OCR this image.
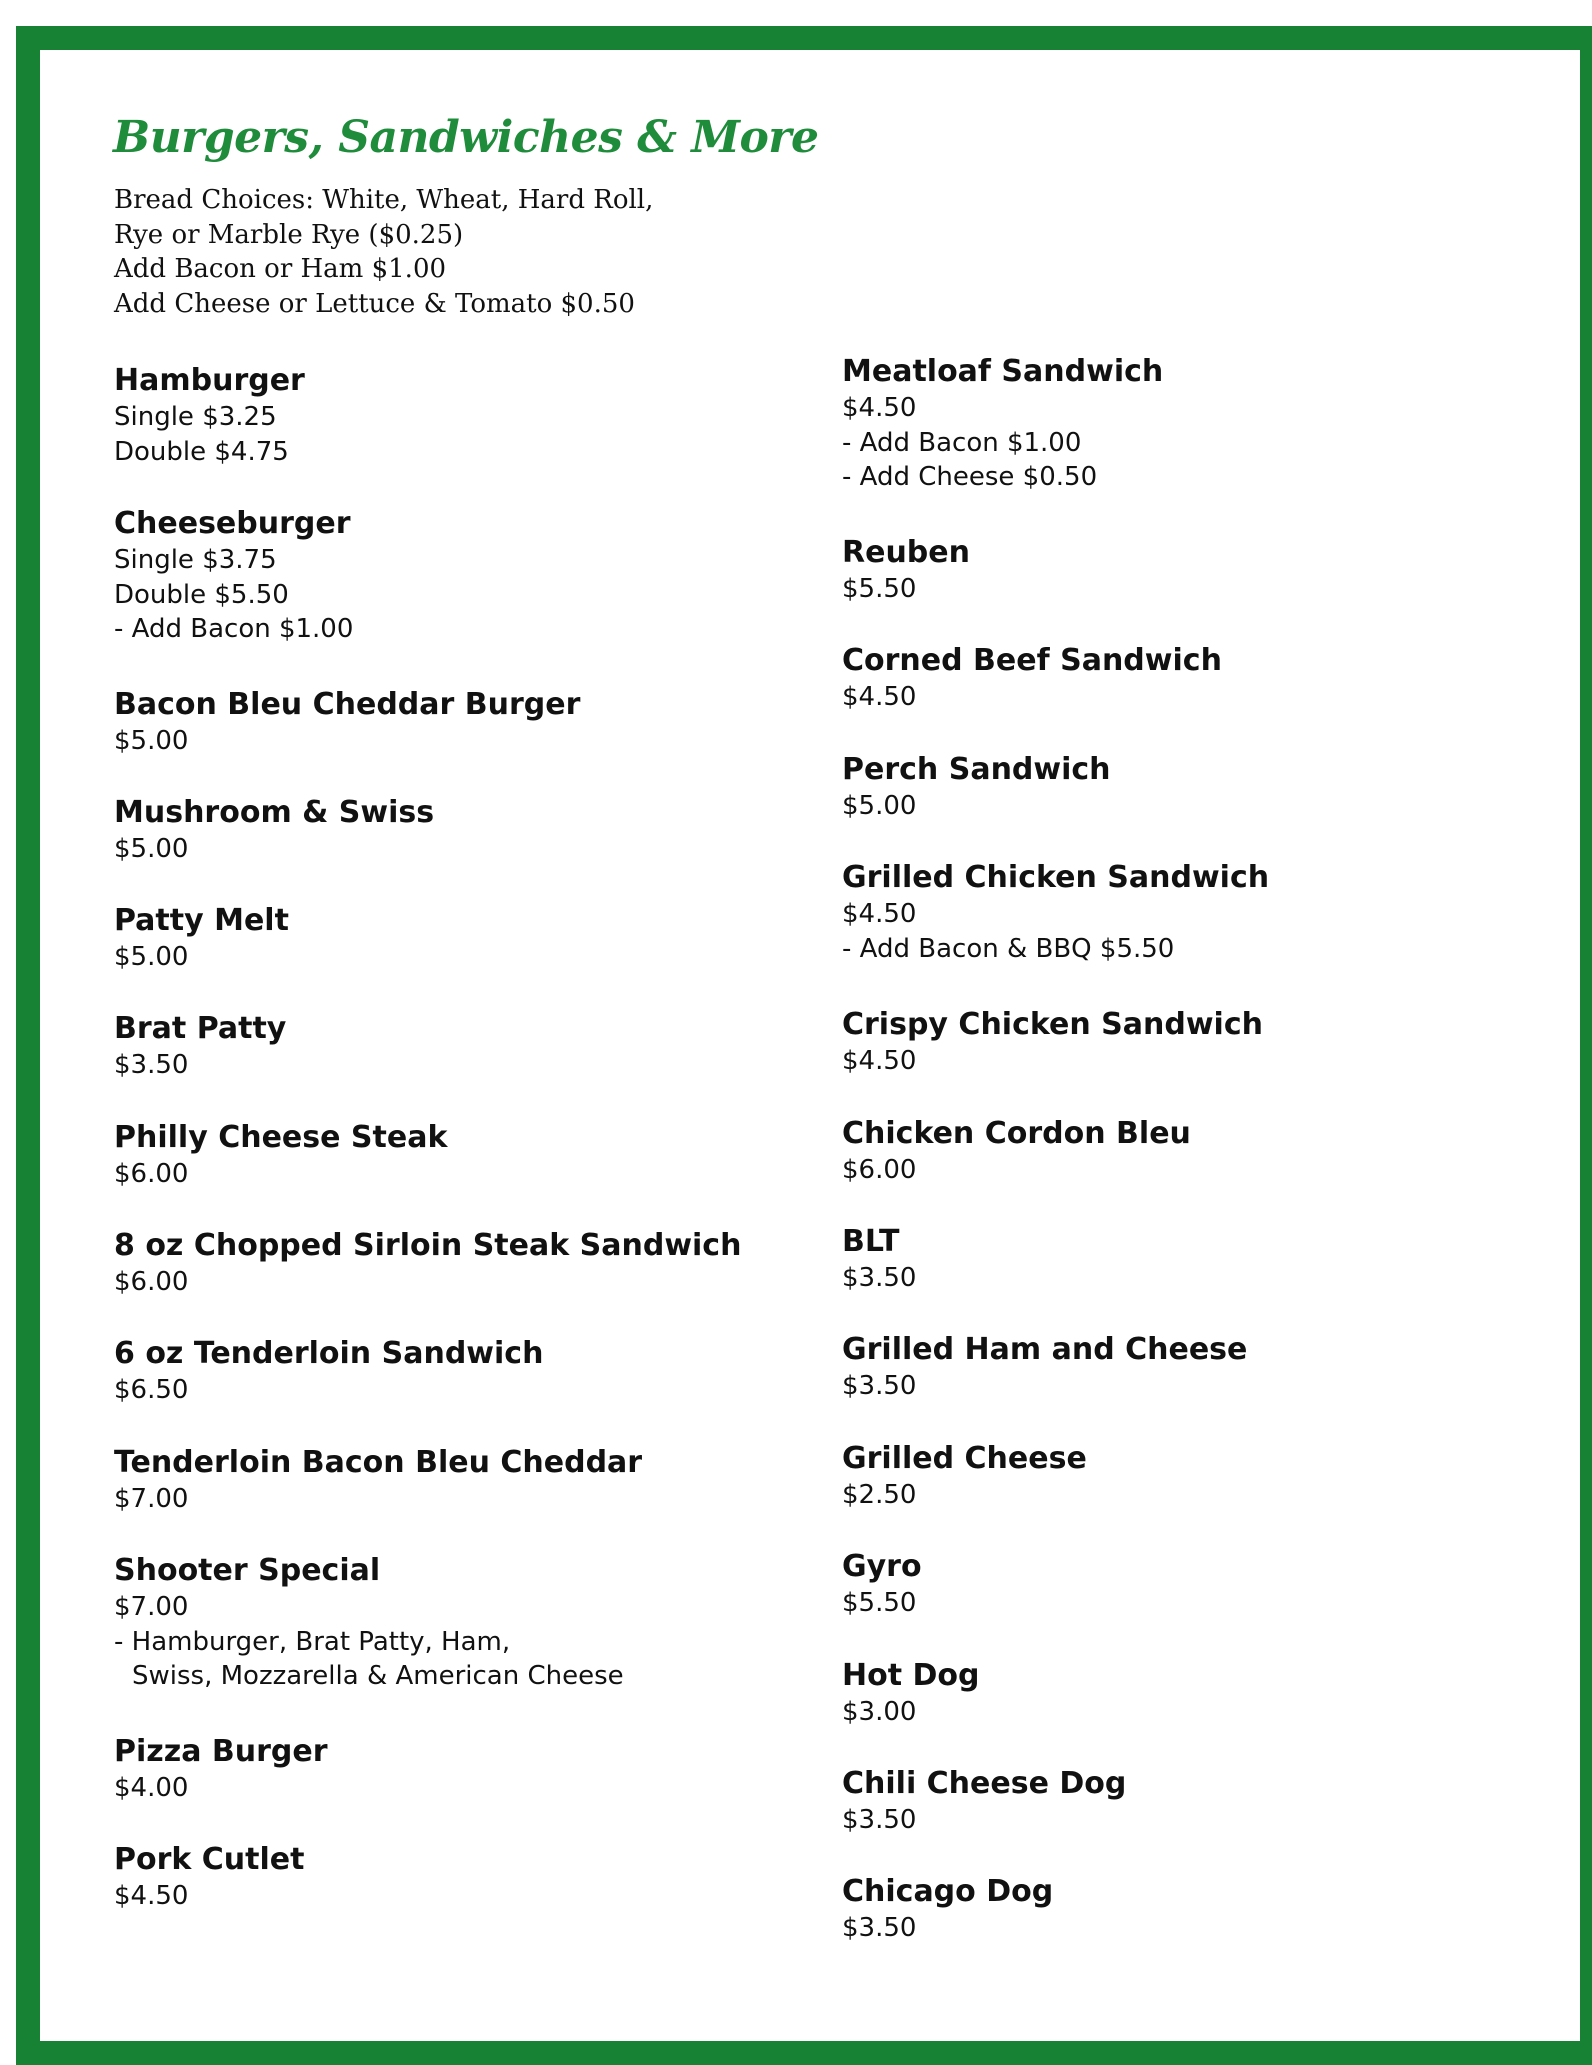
Burgers, Sandwiches & More
Bread Choices: White, Wheat, Hard Roll,
Rye or Marble Rye ($0.25)
Add Bacon or Ham $1.00
Add Cheese or Lettuce & Tomato $0.50
Hamburger
Single $3.25
Double $4.75
Cheeseburger
Single $3.75
Double $5.50
- Add Bacon $1.00
Bacon Bleu Cheddar Burger
$5.00
Mushroom & Swiss
$5.00
Patty Melt
$5.00
Brat Patty
$3.50
Philly Cheese Steak
$6.00
8 oz Chopped Sirloin Steak Sandwich
$6.00
6 oz Tenderloin Sandwich
$6.50
Tenderloin Bacon Bleu Cheddar
$7.00
Shooter Special
$7.00
- Hamburger, Brat Patty, Ham,
Swiss, Mozzarella & American Cheese
Pizza Burger
$4.00
Pork Cutlet
$4.50
Meatloaf Sandwich
$4.50
- Add Bacon $1.00
- Add Cheese $0.50
Reuben
$5.50
Corned Beef Sandwich
$4.50
Perch Sandwich
$5.00
Grilled Chicken Sandwich
$4.50
- Add Bacon & BBQ $5.50
Crispy Chicken Sandwich
$4.50
Chicken Cordon Bleu
$6.00
BLT
$3.50
Grilled Ham and Cheese
$3.50
Grilled Cheese
$2.50
Gyro
$5.50
Hot Dog
$3.00
Chili Cheese Dog
$3.50
Chicago Dog
$3.50
